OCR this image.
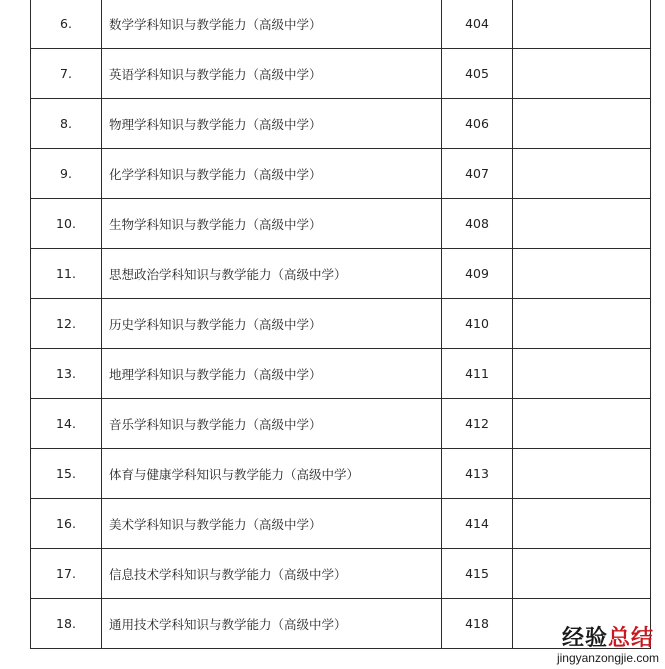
6.	数学学科知识与教学能力（高级中学）	404	
7.	英语学科知识与教学能力（高级中学）	405	
8.	物理学科知识与教学能力（高级中学）	406	
9.	化学学科知识与教学能力（高级中学）	407	
10.	生物学科知识与教学能力（高级中学）	408	
11.	思想政治学科知识与教学能力（高级中学）	409	
12.	历史学科知识与教学能力（高级中学）	410	
13.	地理学科知识与教学能力（高级中学）	411	
14.	音乐学科知识与教学能力（高级中学）	412	
15.	体育与健康学科知识与教学能力（高级中学）	413	
16.	美术学科知识与教学能力（高级中学）	414	
17.	信息技术学科知识与教学能力（高级中学）	415	
18.	通用技术学科知识与教学能力（高级中学）	418	
经验总结
jingyanzongjie.com
